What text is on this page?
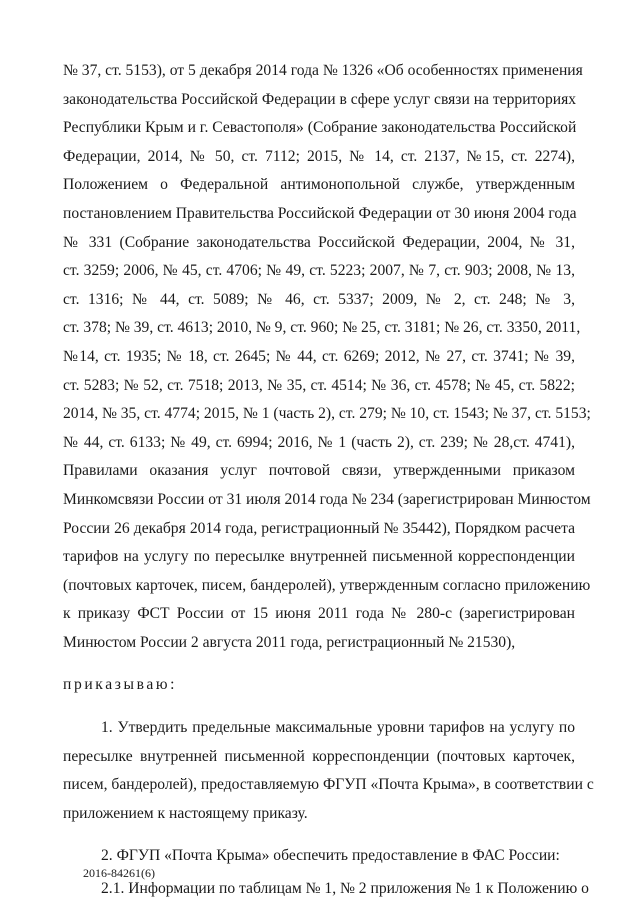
№ 37, ст. 5153), от 5 декабря 2014 года № 1326 «Об особенностях применения
законодательства Российской Федерации в сфере услуг связи на территориях
Республики Крым и г. Севастополя» (Собрание законодательства Российской
Федерации, 2014, № 50, ст. 7112; 2015, № 14, ст. 2137, №15, ст. 2274),
Положением о Федеральной антимонопольной службе, утвержденным
постановлением Правительства Российской Федерации от 30 июня 2004 года
№ 331 (Собрание законодательства Российской Федерации, 2004, № 31,
ст. 3259; 2006, № 45, ст. 4706; № 49, ст. 5223; 2007, № 7, ст. 903; 2008, № 13,
ст. 1316; № 44, ст. 5089; № 46, ст. 5337; 2009, № 2, ст. 248; № 3,
ст. 378; № 39, ст. 4613; 2010, № 9, ст. 960; № 25, ст. 3181; № 26, ст. 3350, 2011,
№14, ст. 1935; № 18, ст. 2645; № 44, ст. 6269; 2012, № 27, ст. 3741; № 39,
ст. 5283; № 52, ст. 7518; 2013, № 35, ст. 4514; № 36, ст. 4578; № 45, ст. 5822;
2014, № 35, ст. 4774; 2015, № 1 (часть 2), ст. 279; № 10, ст. 1543; № 37, ст. 5153;
№ 44, ст. 6133; № 49, ст. 6994; 2016, № 1 (часть 2), ст. 239; № 28,ст. 4741),
Правилами оказания услуг почтовой связи, утвержденными приказом
Минкомсвязи России от 31 июля 2014 года № 234 (зарегистрирован Минюстом
России 26 декабря 2014 года, регистрационный № 35442), Порядком расчета
тарифов на услугу по пересылке внутренней письменной корреспонденции
(почтовых карточек, писем, бандеролей), утвержденным согласно приложению
к приказу ФСТ России от 15 июня 2011 года № 280-с (зарегистрирован
Минюстом России 2 августа 2011 года, регистрационный № 21530),
приказываю:
1. Утвердить предельные максимальные уровни тарифов на услугу по
пересылке внутренней письменной корреспонденции (почтовых карточек,
писем, бандеролей), предоставляемую ФГУП «Почта Крыма», в соответствии с
приложением к настоящему приказу.
2. ФГУП «Почта Крыма» обеспечить предоставление в ФАС России:
2.1. Информации по таблицам № 1, № 2 приложения № 1 к Положению о
2016-84261(6)
